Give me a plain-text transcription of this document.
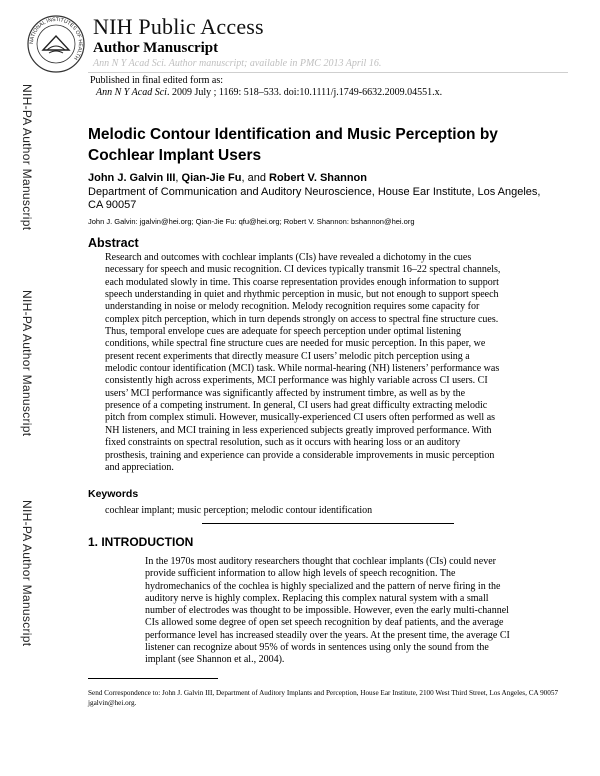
NATIONAL INSTITUTES OF HEALTH
NIH Public Access
Author Manuscript
Ann N Y Acad Sci. Author manuscript; available in PMC 2013 April 16.
Published in final edited form as:
Ann N Y Acad Sci. 2009 July ; 1169: 518–533. doi:10.1111/j.1749-6632.2009.04551.x.
NIH-PA Author Manuscript
NIH-PA Author Manuscript
NIH-PA Author Manuscript
Melodic Contour Identification and Music Perception by Cochlear Implant Users
John J. Galvin III, Qian-Jie Fu, and Robert V. Shannon
Department of Communication and Auditory Neuroscience, House Ear Institute, Los Angeles, CA 90057
John J. Galvin: jgalvin@hei.org; Qian-Jie Fu: qfu@hei.org; Robert V. Shannon: bshannon@hei.org
Abstract
Research and outcomes with cochlear implants (CIs) have revealed a dichotomy in the cues
necessary for speech and music recognition. CI devices typically transmit 16–22 spectral channels,
each modulated slowly in time. This coarse representation provides enough information to support
speech understanding in quiet and rhythmic perception in music, but not enough to support speech
understanding in noise or melody recognition. Melody recognition requires some capacity for
complex pitch perception, which in turn depends strongly on access to spectral fine structure cues.
Thus, temporal envelope cues are adequate for speech perception under optimal listening
conditions, while spectral fine structure cues are needed for music perception. In this paper, we
present recent experiments that directly measure CI users’ melodic pitch perception using a
melodic contour identification (MCI) task. While normal-hearing (NH) listeners’ performance was
consistently high across experiments, MCI performance was highly variable across CI users. CI
users’ MCI performance was significantly affected by instrument timbre, as well as by the
presence of a competing instrument. In general, CI users had great difficulty extracting melodic
pitch from complex stimuli. However, musically-experienced CI users often performed as well as
NH listeners, and MCI training in less experienced subjects greatly improved performance. With
fixed constraints on spectral resolution, such as it occurs with hearing loss or an auditory
prosthesis, training and experience can provide a considerable improvements in music perception
and appreciation.
Keywords
cochlear implant; music perception; melodic contour identification
1. INTRODUCTION
In the 1970s most auditory researchers thought that cochlear implants (CIs) could never
provide sufficient information to allow high levels of speech recognition. The
hydromechanics of the cochlea is highly specialized and the pattern of nerve firing in the
auditory nerve is highly complex. Replacing this complex natural system with a small
number of electrodes was thought to be impossible. However, even the early multi-channel
CIs allowed some degree of open set speech recognition by deaf patients, and the average
performance level has increased steadily over the years. At the present time, the average CI
listener can recognize about 95% of words in sentences using only the sound from the
implant (see Shannon et al., 2004).
Send Correspondence to: John J. Galvin III, Department of Auditory Implants and Perception, House Ear Institute, 2100 West Third Street, Los Angeles, CA 90057 jgalvin@hei.org.
